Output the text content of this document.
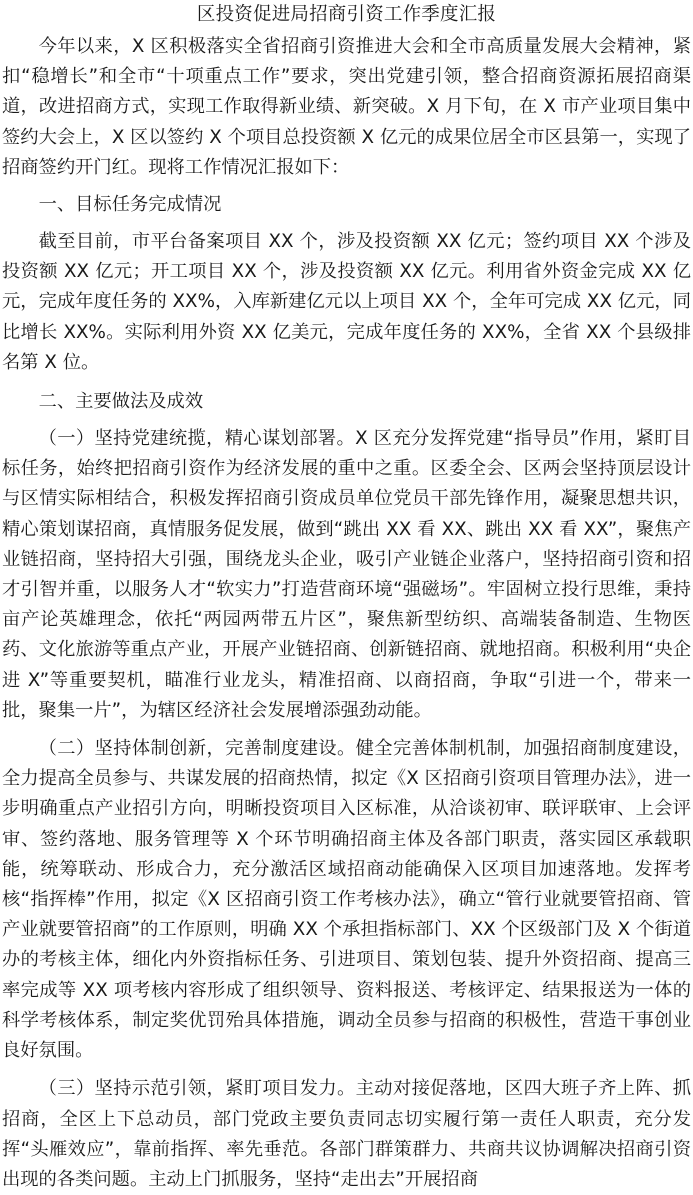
区投资促进局招商引资工作季度汇报

今年以来，X 区积极落实全省招商引资推进大会和全市高质量发展大会精神，紧扣“稳增长”和全市“十项重点工作”要求，突出党建引领，整合招商资源拓展招商渠道，改进招商方式，实现工作取得新业绩、新突破。X 月下旬，在 X 市产业项目集中签约大会上，X 区以签约 X 个项目总投资额 X 亿元的成果位居全市区县第一，实现了招商签约开门红。现将工作情况汇报如下：

一、目标任务完成情况

截至目前，市平台备案项目 XX 个，涉及投资额 XX 亿元；签约项目 XX 个涉及投资额 XX 亿元；开工项目 XX 个，涉及投资额 XX 亿元。利用省外资金完成 XX 亿元，完成年度任务的 XX%，入库新建亿元以上项目 XX 个，全年可完成 XX 亿元，同比增长 XX%。实际利用外资 XX 亿美元，完成年度任务的 XX%，全省 XX 个县级排名第 X 位。

二、主要做法及成效

（一）坚持党建统揽，精心谋划部署。X 区充分发挥党建“指导员”作用，紧盯目标任务，始终把招商引资作为经济发展的重中之重。区委全会、区两会坚持顶层设计与区情实际相结合，积极发挥招商引资成员单位党员干部先锋作用，凝聚思想共识，精心策划谋招商，真情服务促发展，做到“跳出 XX 看 XX、跳出 XX 看 XX”，聚焦产业链招商，坚持招大引强，围绕龙头企业，吸引产业链企业落户，坚持招商引资和招才引智并重，以服务人才“软实力”打造营商环境“强磁场”。牢固树立投行思维，秉持亩产论英雄理念，依托“两园两带五片区”，聚焦新型纺织、高端装备制造、生物医药、文化旅游等重点产业，开展产业链招商、创新链招商、就地招商。积极利用“央企进 X”等重要契机，瞄准行业龙头，精准招商、以商招商，争取“引进一个，带来一批，聚集一片”，为辖区经济社会发展增添强劲动能。

（二）坚持体制创新，完善制度建设。健全完善体制机制，加强招商制度建设，全力提高全员参与、共谋发展的招商热情，拟定《X 区招商引资项目管理办法》，进一步明确重点产业招引方向，明晰投资项目入区标准，从洽谈初审、联评联审、上会评审、签约落地、服务管理等 X 个环节明确招商主体及各部门职责，落实园区承载职能，统筹联动、形成合力，充分激活区域招商动能确保入区项目加速落地。发挥考核“指挥棒”作用，拟定《X 区招商引资工作考核办法》，确立“管行业就要管招商、管产业就要管招商”的工作原则，明确 XX 个承担指标部门、XX 个区级部门及 X 个街道办的考核主体，细化内外资指标任务、引进项目、策划包装、提升外资招商、提高三率完成等 XX 项考核内容形成了组织领导、资料报送、考核评定、结果报送为一体的科学考核体系，制定奖优罚殆具体措施，调动全员参与招商的积极性，营造干事创业良好氛围。

（三）坚持示范引领，紧盯项目发力。主动对接促落地，区四大班子齐上阵、抓招商，全区上下总动员，部门党政主要负责同志切实履行第一责任人职责，充分发挥“头雁效应”，靠前指挥、率先垂范。各部门群策群力、共商共议协调解决招商引资出现的各类问题。主动上门抓服务，坚持“走出去”开展招商
